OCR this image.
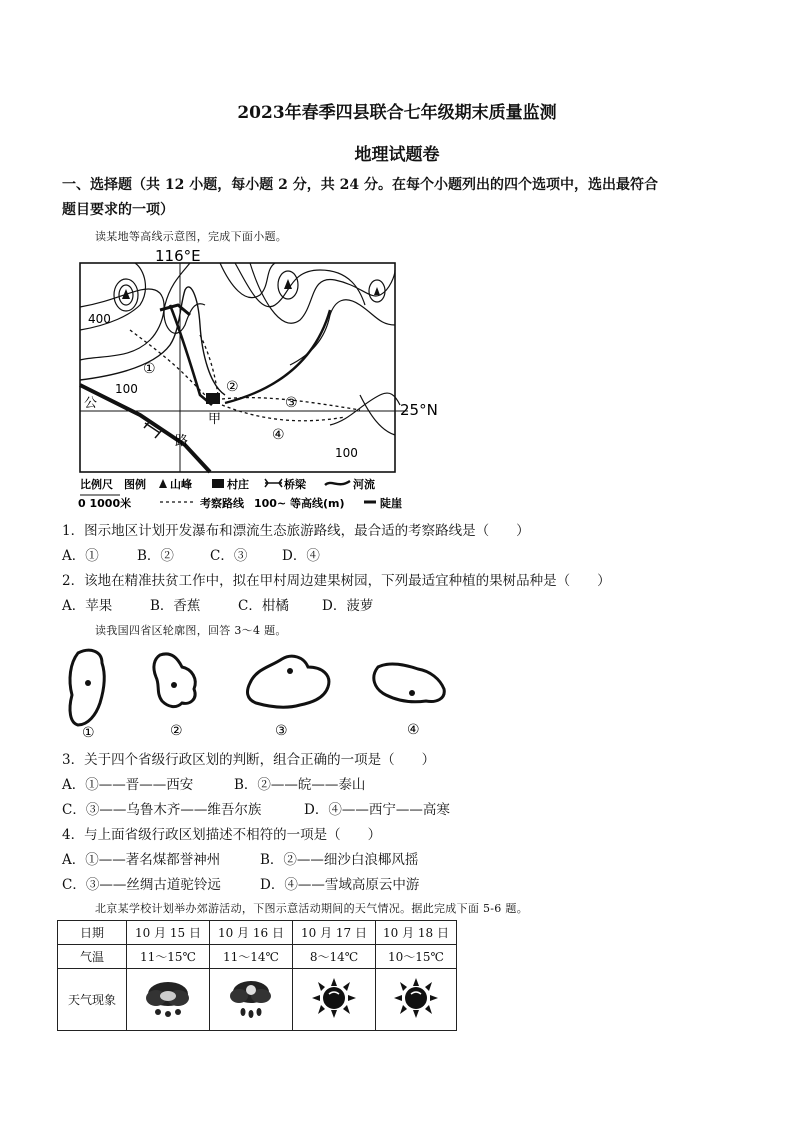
2023年春季四县联合七年级期末质量监测
地理试题卷
一、选择题（共 12 小题，每小题 2 分，共 24 分。在每个小题列出的四个选项中，选出最符合
题目要求的一项）
读某地等高线示意图，完成下面小题。
116°E
25°N
400
100
100
公
路
甲
①
②
③
④
比例尺 图例 山峰	村庄	桥梁	河流
0 1000米	考察路线 100~ 等高线(m)	陡崖
1．图示地区计划开发瀑布和漂流生态旅游路线，最合适的考察路线是（　　）
A．①	B．②	C．③	D．④
2．该地在精准扶贫工作中，拟在甲村周边建果树园，下列最适宜种植的果树品种是（　　）
A．苹果	B．香蕉	C．柑橘 D．菠萝
读我国四省区轮廓图，回答 3～4 题。
①	②	③	④
3．关于四个省级行政区划的判断，组合正确的一项是（　　）
A．①——晋——西安	B．②——皖——泰山
C．③——乌鲁木齐——维吾尔族	D．④——西宁——高寒
4．与上面省级行政区划描述不相符的一项是（　　）
A．①——著名煤都誉神州	B．②——细沙白浪椰风摇
C．③——丝绸古道驼铃远	D．④——雪域高原云中游
北京某学校计划举办郊游活动，下图示意活动期间的天气情况。据此完成下面 5-6 题。
日期	10 月 15 日	10 月 16 日	10 月 17 日	10 月 18 日
气温	11～15℃	11～14℃	8～14℃	10～15℃
天气现象				
